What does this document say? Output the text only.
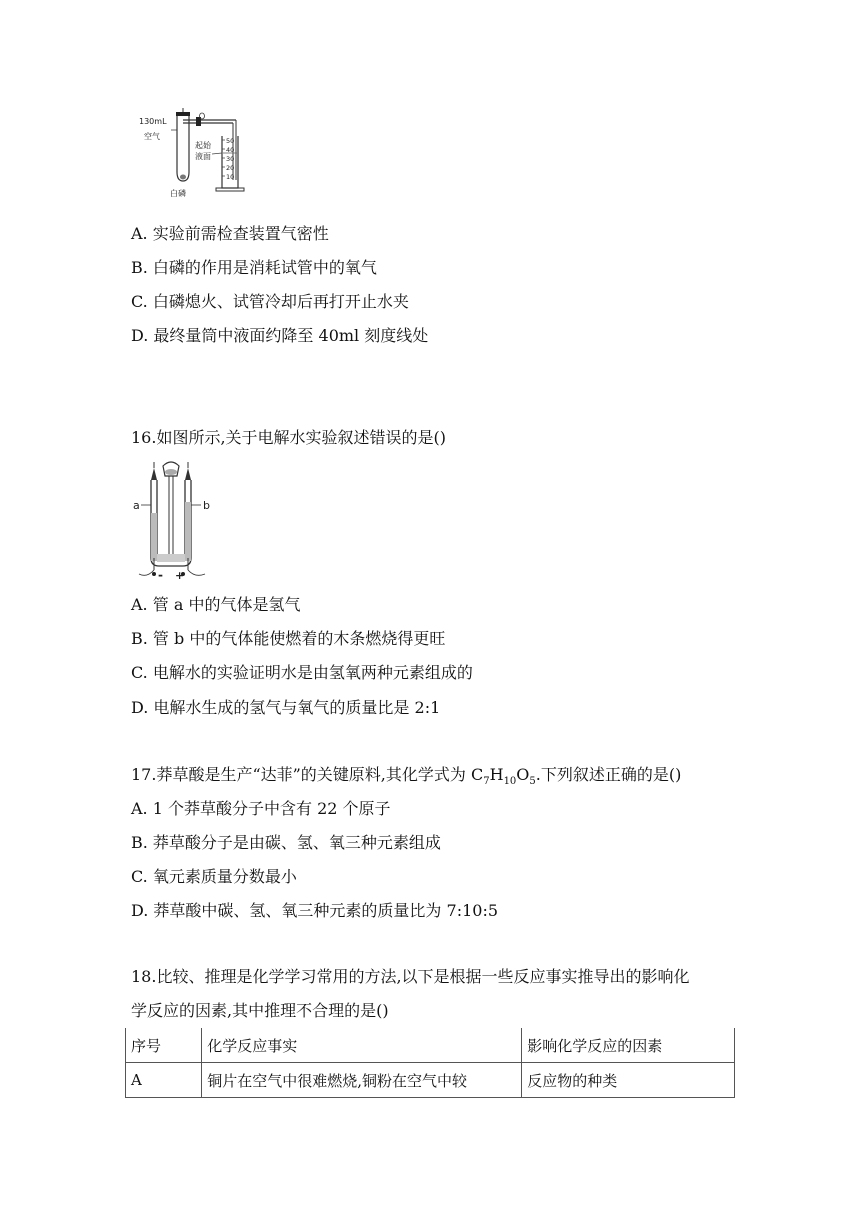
130mL
空气
白磷
起始
液面
50
40
30
20
10
A. 实验前需检查装置气密性
B. 白磷的作用是消耗试管中的氧气
C. 白磷熄火、试管冷却后再打开止水夹
D. 最终量筒中液面约降至 40ml 刻度线处
16.如图所示,关于电解水实验叙述错误的是()
a	b
- +
A. 管 a 中的气体是氢气
B. 管 b 中的气体能使燃着的木条燃烧得更旺
C. 电解水的实验证明水是由氢氧两种元素组成的
D. 电解水生成的氢气与氧气的质量比是 2:1
17.莽草酸是生产“达菲”的关键原料,其化学式为 $C_7H_{10}O_5$.下列叙述正确的是()
A. 1 个莽草酸分子中含有 22 个原子
B. 莽草酸分子是由碳、氢、氧三种元素组成
C. 氧元素质量分数最小
D. 莽草酸中碳、氢、氧三种元素的质量比为 7:10:5
18.比较、推理是化学学习常用的方法,以下是根据一些反应事实推导出的影响化
学反应的因素,其中推理不合理的是()
序号	化学反应事实	影响化学反应的因素
A	铜片在空气中很难燃烧,铜粉在空气中较	反应物的种类
